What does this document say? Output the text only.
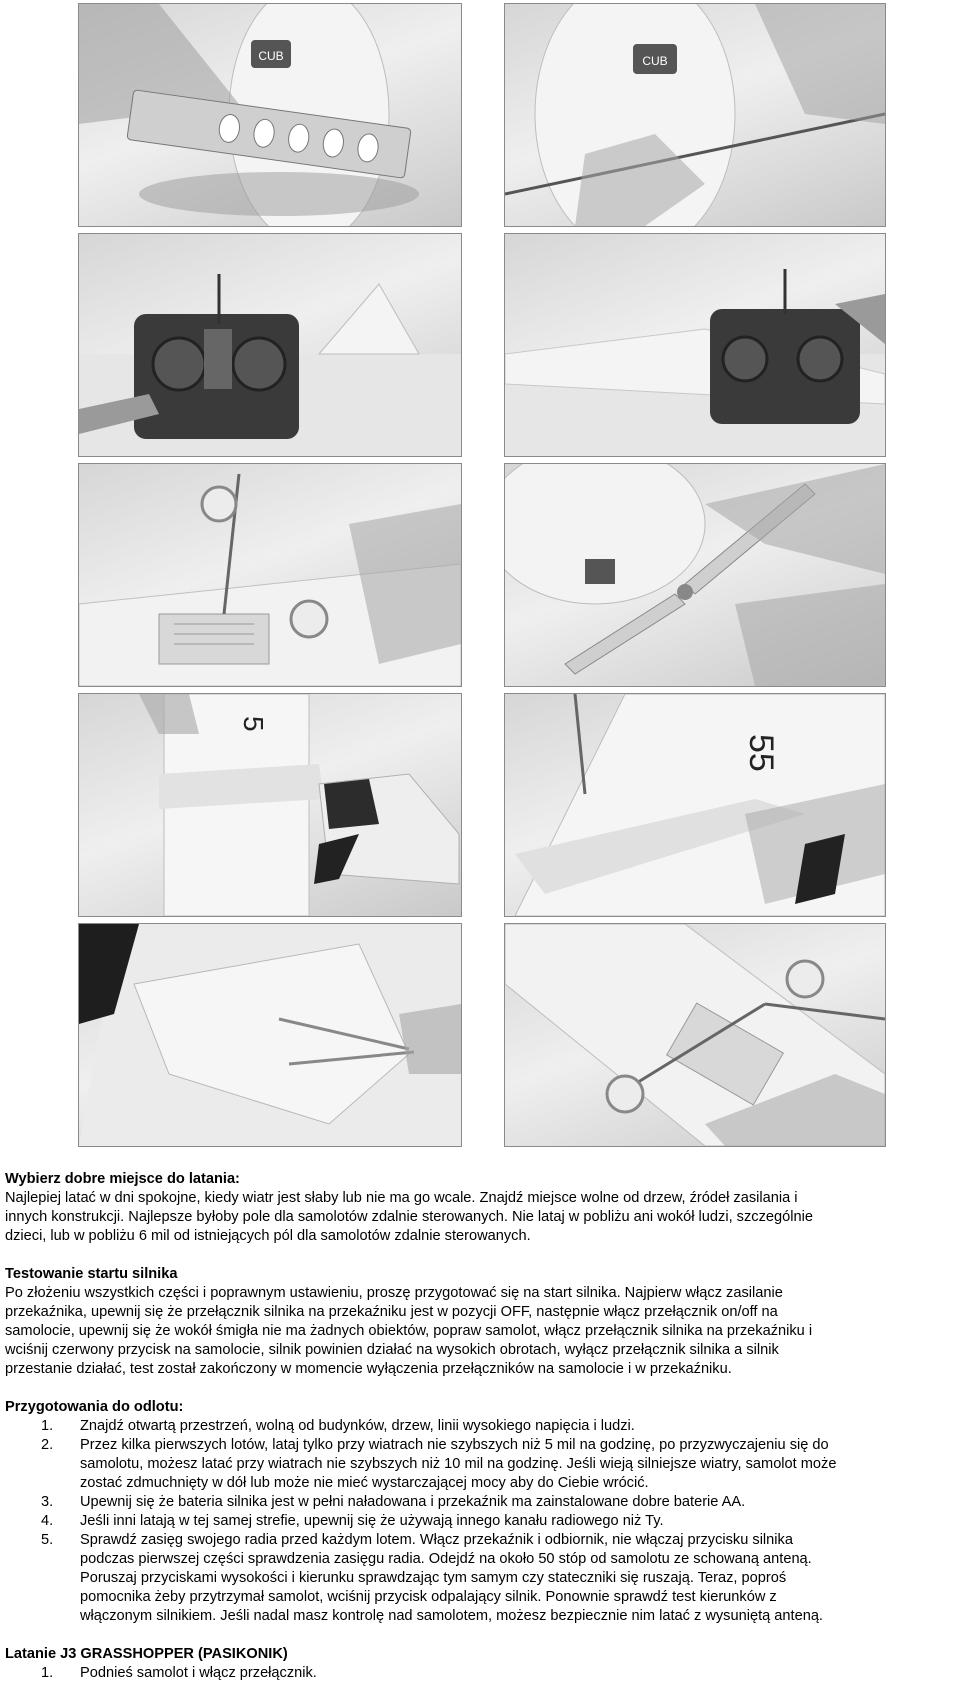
CUB	CUB
5
55
Wybierz dobre miejsce do latania:
Najlepiej latać w dni spokojne, kiedy wiatr jest słaby lub nie ma go wcale. Znajdź miejsce wolne od drzew, źródeł zasilania i
innych konstrukcji. Najlepsze byłoby pole dla samolotów zdalnie sterowanych. Nie lataj w pobliżu ani wokół ludzi, szczególnie
dzieci, lub w pobliżu 6 mil od istniejących pól dla samolotów zdalnie sterowanych.
Testowanie startu silnika
Po złożeniu wszystkich części i poprawnym ustawieniu, proszę przygotować się na start silnika. Najpierw włącz zasilanie
przekaźnika, upewnij się że przełącznik silnika na przekaźniku jest w pozycji OFF, następnie włącz przełącznik on/off na
samolocie, upewnij się że wokół śmigła nie ma żadnych obiektów, popraw samolot, włącz przełącznik silnika na przekaźniku i
wciśnij czerwony przycisk na samolocie, silnik powinien działać na wysokich obrotach, wyłącz przełącznik silnika a silnik
przestanie działać, test został zakończony w momencie wyłączenia przełączników na samolocie i w przekaźniku.
Przygotowania do odlotu:
1. Znajdź otwartą przestrzeń, wolną od budynków, drzew, linii wysokiego napięcia i ludzi.
2. Przez kilka pierwszych lotów, lataj tylko przy wiatrach nie szybszych niż 5 mil na godzinę, po przyzwyczajeniu się do
samolotu, możesz latać przy wiatrach nie szybszych niż 10 mil na godzinę. Jeśli wieją silniejsze wiatry, samolot może
zostać zdmuchnięty w dół lub może nie mieć wystarczającej mocy aby do Ciebie wrócić.
3. Upewnij się że bateria silnika jest w pełni naładowana i przekaźnik ma zainstalowane dobre baterie AA.
4. Jeśli inni latają w tej samej strefie, upewnij się że używają innego kanału radiowego niż Ty.
5. Sprawdź zasięg swojego radia przed każdym lotem. Włącz przekaźnik i odbiornik, nie włączaj przycisku silnika
podczas pierwszej części sprawdzenia zasięgu radia. Odejdź na około 50 stóp od samolotu ze schowaną anteną.
Poruszaj przyciskami wysokości i kierunku sprawdzając tym samym czy statecznikі się ruszają. Teraz, poproś
pomocnika żeby przytrzymał samolot, wciśnij przycisk odpalający silnik. Ponownie sprawdź test kierunków z
włączonym silnikiem. Jeśli nadal masz kontrolę nad samolotem, możesz bezpiecznie nim latać z wysuniętą anteną.
Latanie J3 GRASSHOPPER (PASIKONIK)
1. Podnieś samolot i włącz przełącznik.
